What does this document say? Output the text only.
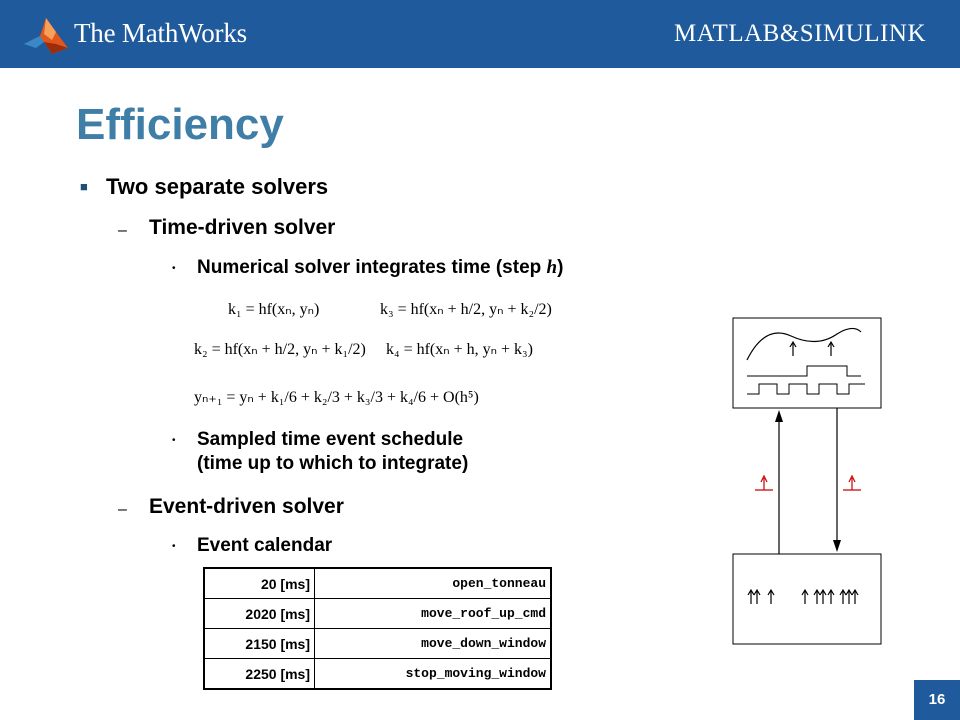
The MathWorks	MATLAB&SIMULINK
Efficiency
■ Two separate solvers
– Time-driven solver
• Numerical solver integrates time (step h)
k₁ = hf(xₙ, yₙ)	k₃ = hf(xₙ + h/2, yₙ + k₂/2)
k₂ = hf(xₙ + h/2, yₙ + k₁/2) k₄ = hf(xₙ + h, yₙ + k₃)
yₙ₊₁ = yₙ + k₁/6 + k₂/3 + k₃/3 + k₄/6 + O(h⁵)
• Sampled time event schedule
(time up to which to integrate)
– Event-driven solver
• Event calendar
20 [ms]	open_tonneau
2020 [ms]	move_roof_up_cmd
2150 [ms]	move_down_window
2250 [ms]	stop_moving_window
16
